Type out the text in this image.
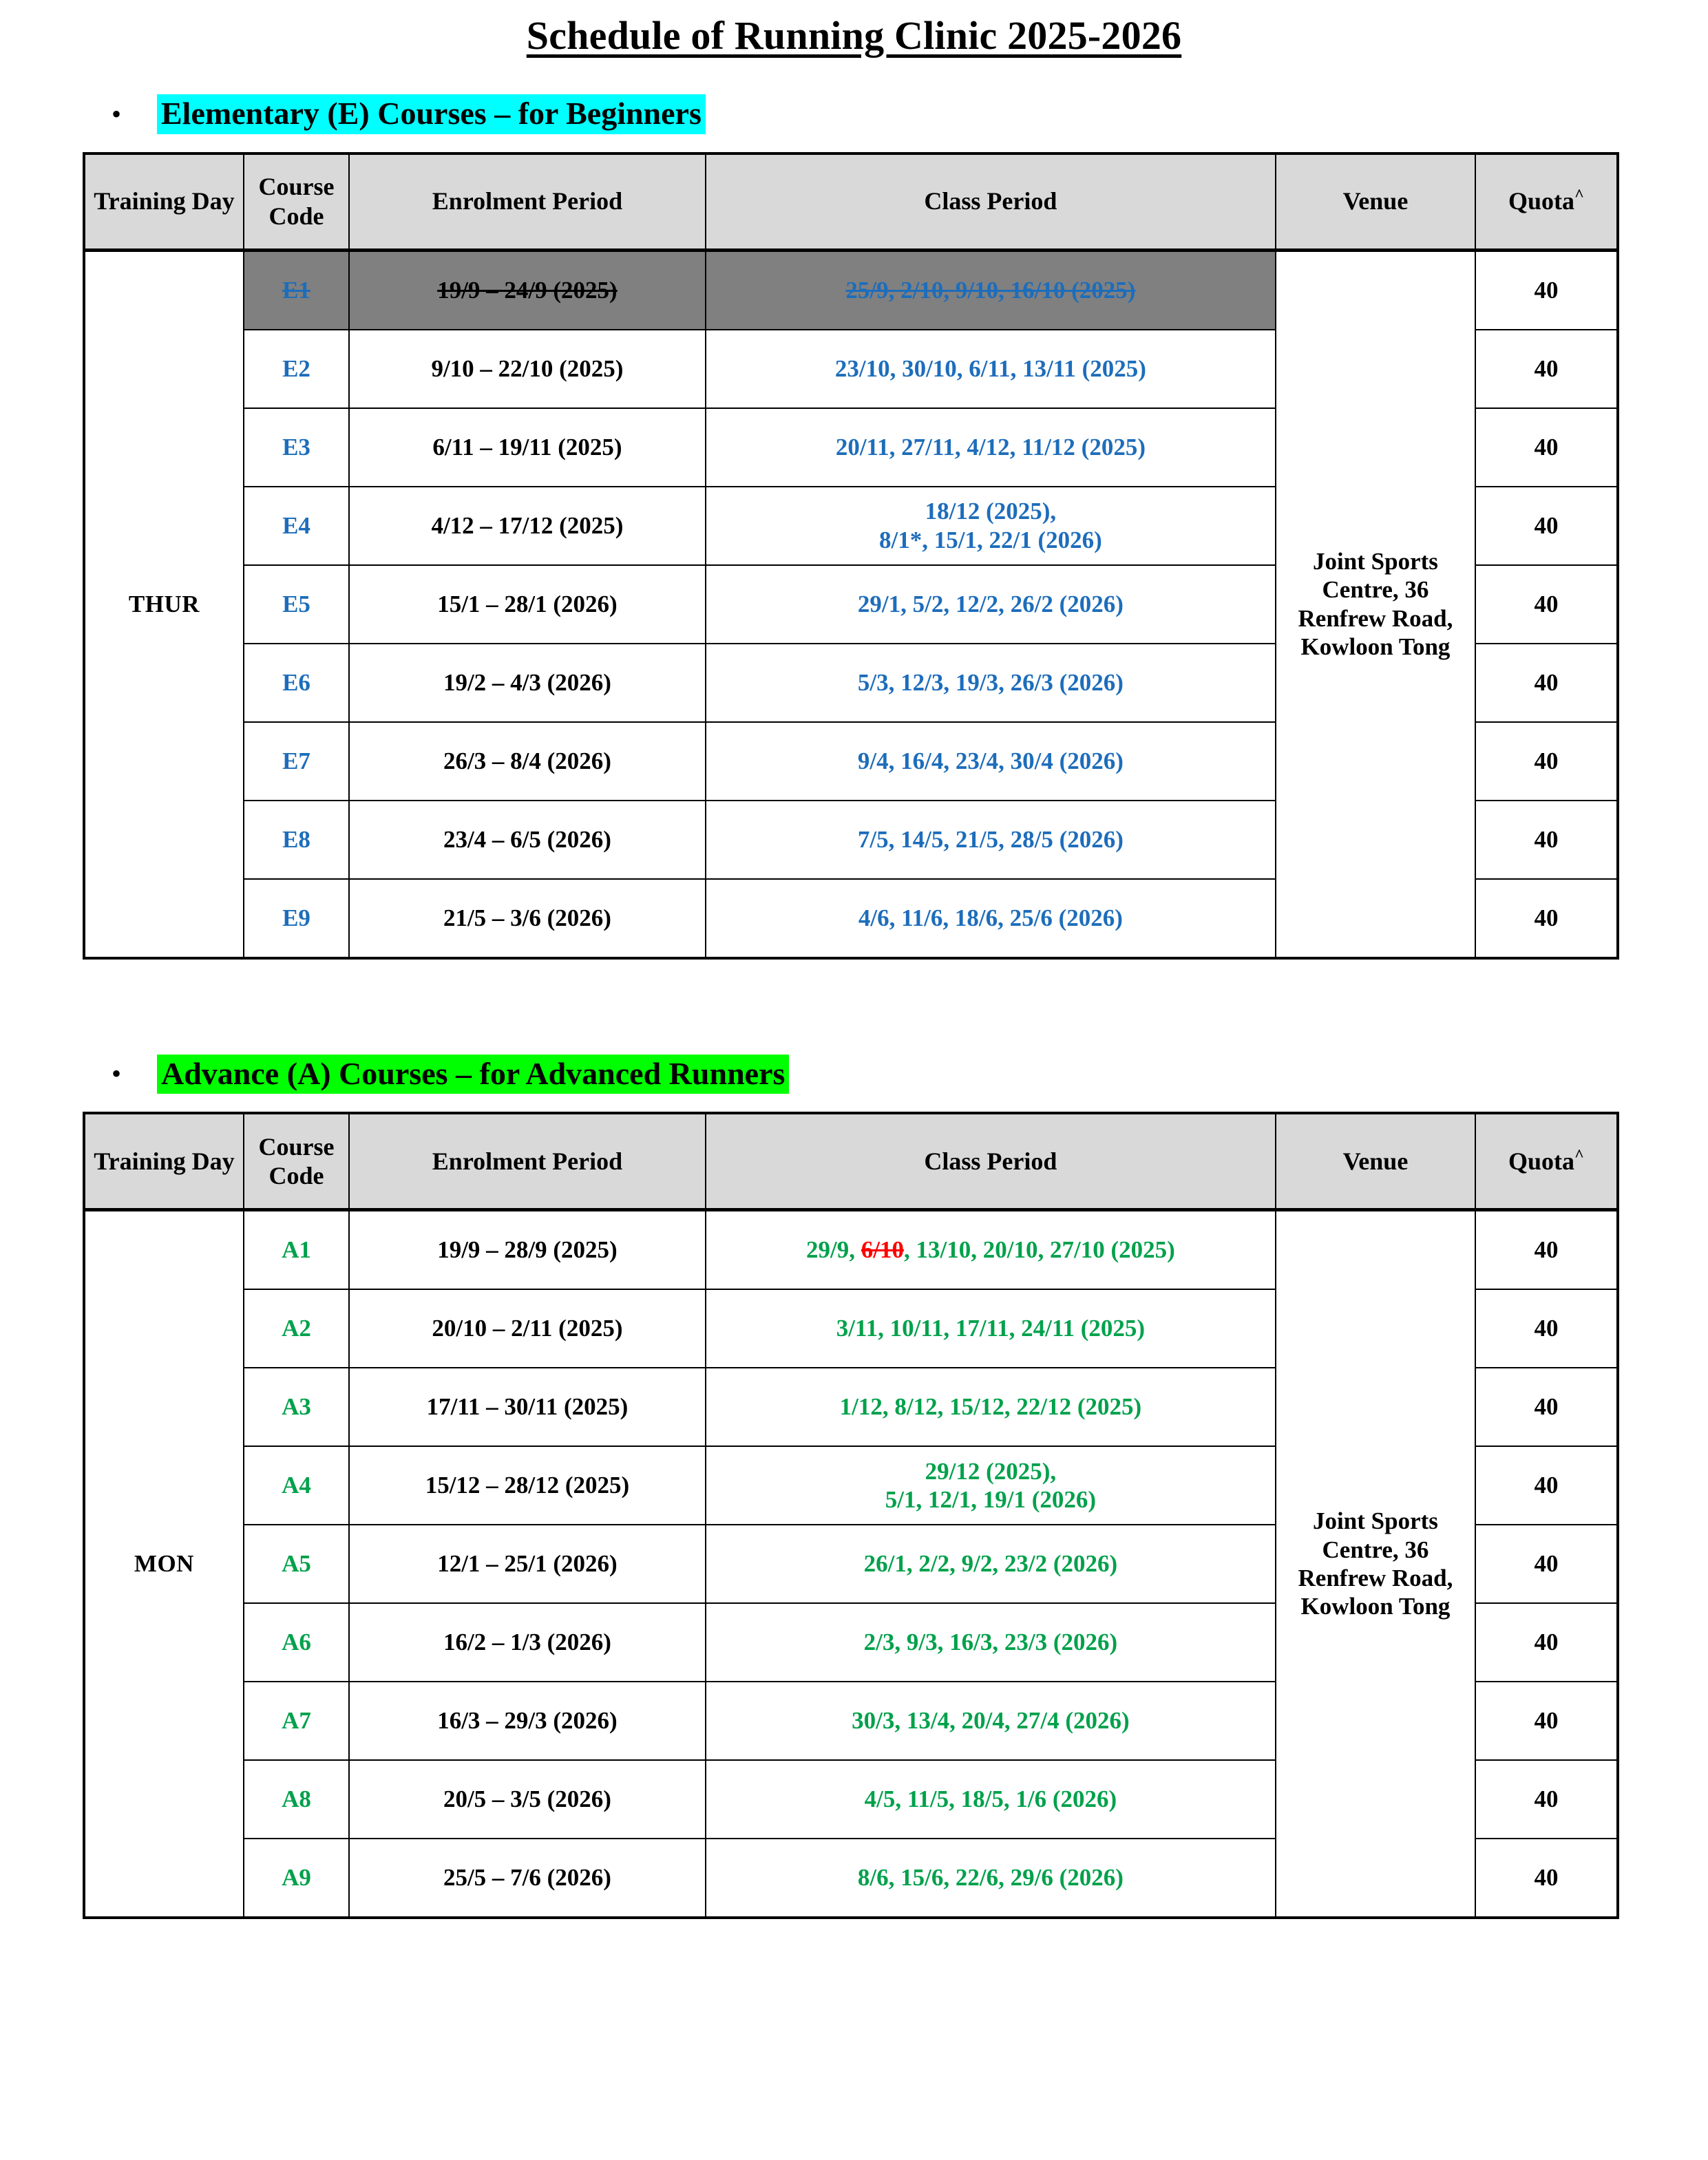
Schedule of Running Clinic 2025-2026
•	Elementary (E) Courses – for Beginners
Training Day	Course Code	Enrolment Period	Class Period	Venue	Quota^
THUR	E1	19/9 – 24/9 (2025)	25/9, 2/10, 9/10, 16/10 (2025)	Joint Sports Centre, 36 Renfrew Road, Kowloon Tong	40
	E2	9/10 – 22/10 (2025)	23/10, 30/10, 6/11, 13/11 (2025)		40
	E3	6/11 – 19/11 (2025)	20/11, 27/11, 4/12, 11/12 (2025)		40
	E4	4/12 – 17/12 (2025)	18/12 (2025),
8/1*, 15/1, 22/1 (2026)		40
	E5	15/1 – 28/1 (2026)	29/1, 5/2, 12/2, 26/2 (2026)		40
	E6	19/2 – 4/3 (2026)	5/3, 12/3, 19/3, 26/3 (2026)		40
	E7	26/3 – 8/4 (2026)	9/4, 16/4, 23/4, 30/4 (2026)		40
	E8	23/4 – 6/5 (2026)	7/5, 14/5, 21/5, 28/5 (2026)		40
	E9	21/5 – 3/6 (2026)	4/6, 11/6, 18/6, 25/6 (2026)		40
•	Advance (A) Courses – for Advanced Runners
Training Day	Course Code	Enrolment Period	Class Period	Venue	Quota^
MON	A1	19/9 – 28/9 (2025)	29/9, 6/10, 13/10, 20/10, 27/10 (2025)	Joint Sports Centre, 36 Renfrew Road, Kowloon Tong	40
	A2	20/10 – 2/11 (2025)	3/11, 10/11, 17/11, 24/11 (2025)		40
	A3	17/11 – 30/11 (2025)	1/12, 8/12, 15/12, 22/12 (2025)		40
	A4	15/12 – 28/12 (2025)	29/12 (2025),
5/1, 12/1, 19/1 (2026)		40
	A5	12/1 – 25/1 (2026)	26/1, 2/2, 9/2, 23/2 (2026)		40
	A6	16/2 – 1/3 (2026)	2/3, 9/3, 16/3, 23/3 (2026)		40
	A7	16/3 – 29/3 (2026)	30/3, 13/4, 20/4, 27/4 (2026)		40
	A8	20/5 – 3/5 (2026)	4/5, 11/5, 18/5, 1/6 (2026)		40
	A9	25/5 – 7/6 (2026)	8/6, 15/6, 22/6, 29/6 (2026)		40
